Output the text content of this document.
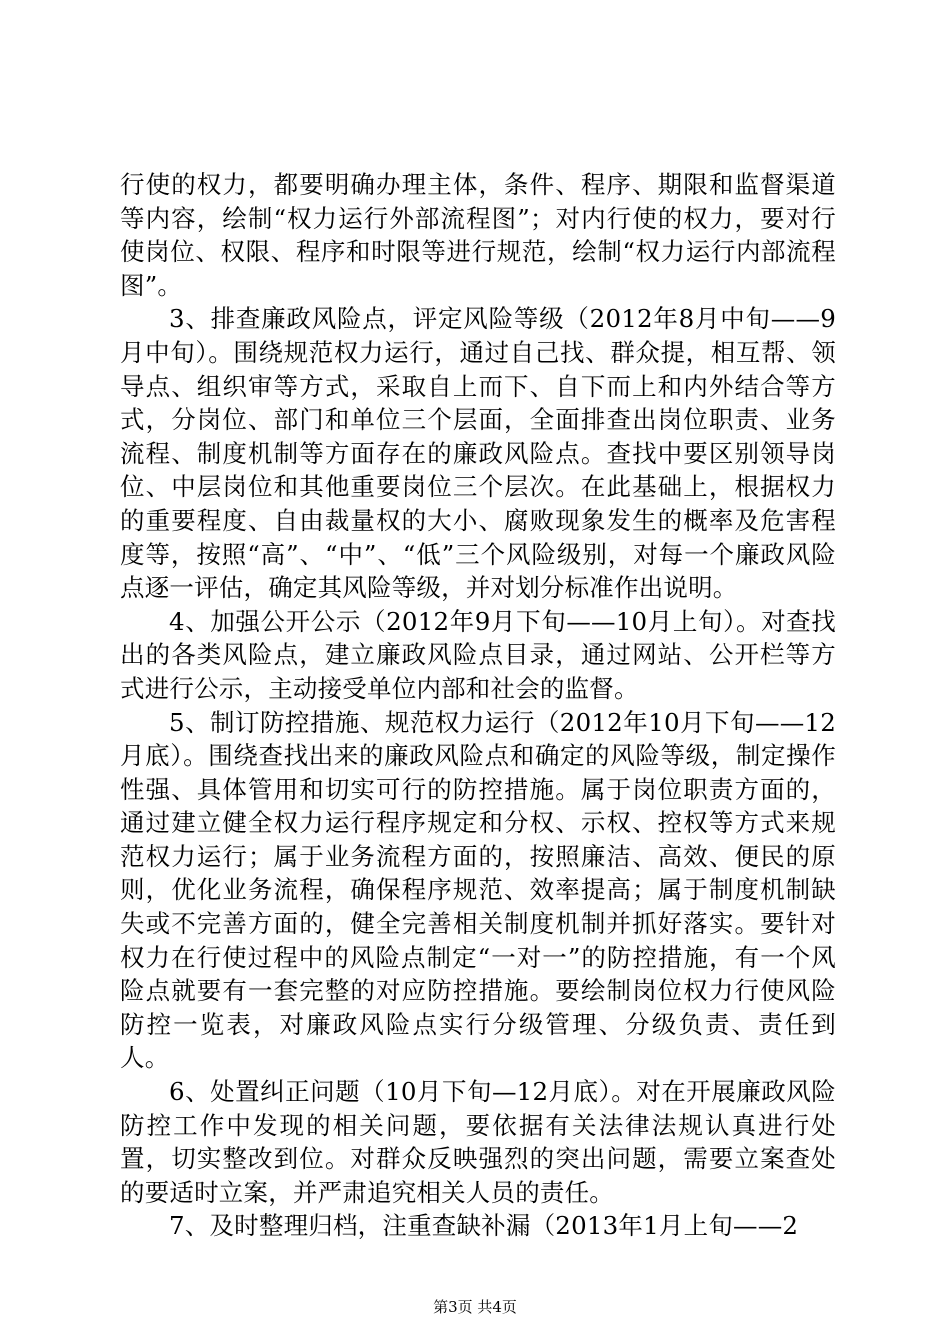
行使的权力，都要明确办理主体，条件、程序、期限和监督渠道等内容，绘制“权力运行外部流程图”；对内行使的权力，要对行使岗位、权限、程序和时限等进行规范，绘制“权力运行内部流程图”。

3、排查廉政风险点，评定风险等级（2012年8月中旬——9月中旬）。围绕规范权力运行，通过自己找、群众提，相互帮、领导点、组织审等方式，采取自上而下、自下而上和内外结合等方式，分岗位、部门和单位三个层面，全面排查出岗位职责、业务流程、制度机制等方面存在的廉政风险点。查找中要区别领导岗位、中层岗位和其他重要岗位三个层次。在此基础上，根据权力的重要程度、自由裁量权的大小、腐败现象发生的概率及危害程度等，按照“高”、“中”、“低”三个风险级别，对每一个廉政风险点逐一评估，确定其风险等级，并对划分标准作出说明。

4、加强公开公示（2012年9月下旬——10月上旬）。对查找出的各类风险点，建立廉政风险点目录，通过网站、公开栏等方式进行公示，主动接受单位内部和社会的监督。

5、制订防控措施、规范权力运行（2012年10月下旬——12月底）。围绕查找出来的廉政风险点和确定的风险等级，制定操作性强、具体管用和切实可行的防控措施。属于岗位职责方面的，通过建立健全权力运行程序规定和分权、示权、控权等方式来规范权力运行；属于业务流程方面的，按照廉洁、高效、便民的原则，优化业务流程，确保程序规范、效率提高；属于制度机制缺失或不完善方面的，健全完善相关制度机制并抓好落实。要针对权力在行使过程中的风险点制定“一对一”的防控措施，有一个风险点就要有一套完整的对应防控措施。要绘制岗位权力行使风险防控一览表，对廉政风险点实行分级管理、分级负责、责任到人。

6、处置纠正问题（10月下旬—12月底）。对在开展廉政风险防控工作中发现的相关问题，要依据有关法律法规认真进行处置，切实整改到位。对群众反映强烈的突出问题，需要立案查处的要适时立案，并严肃追究相关人员的责任。

7、及时整理归档，注重查缺补漏（2013年1月上旬——2

第3页 共4页
